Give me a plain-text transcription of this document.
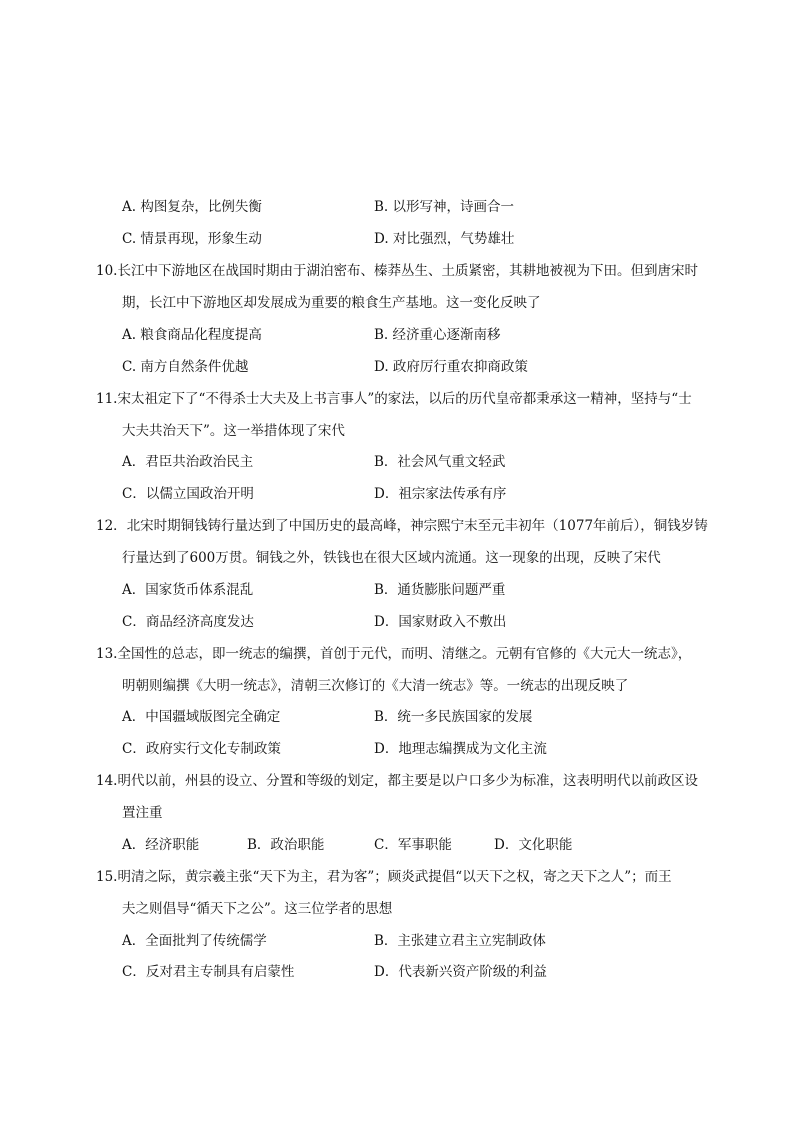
A. 构图复杂，比例失衡	B. 以形写神，诗画合一
C. 情景再现，形象生动	D. 对比强烈，气势雄壮
10.长江中下游地区在战国时期由于湖泊密布、榛莽丛生、土质紧密，其耕地被视为下田。但到唐宋时
期，长江中下游地区却发展成为重要的粮食生产基地。这一变化反映了
A. 粮食商品化程度提高	B. 经济重心逐渐南移
C. 南方自然条件优越	D. 政府厉行重农抑商政策
11.宋太祖定下了“不得杀士大夫及上书言事人”的家法，以后的历代皇帝都秉承这一精神，坚持与“士
大夫共治天下”。这一举措体现了宋代
A．君臣共治政治民主	B．社会风气重文轻武
C．以儒立国政治开明	D．祖宗家法传承有序
12．北宋时期铜钱铸行量达到了中国历史的最高峰，神宗熙宁末至元丰初年（1077年前后），铜钱岁铸
行量达到了600万贯。铜钱之外，铁钱也在很大区域内流通。这一现象的出现，反映了宋代
A．国家货币体系混乱	B．通货膨胀问题严重
C．商品经济高度发达	D．国家财政入不敷出
13.全国性的总志，即一统志的编撰，首创于元代，而明、清继之。元朝有官修的《大元大一统志》，
明朝则编撰《大明一统志》，清朝三次修订的《大清一统志》等。一统志的出现反映了
A．中国疆域版图完全确定	B．统一多民族国家的发展
C．政府实行文化专制政策	D．地理志编撰成为文化主流
14.明代以前，州县的设立、分置和等级的划定，都主要是以户口多少为标准，这表明明代以前政区设
置注重
A．经济职能	B．政治职能	C．军事职能	D．文化职能
15.明清之际，黄宗羲主张“天下为主，君为客”；顾炎武提倡“以天下之权，寄之天下之人”；而王
夫之则倡导“循天下之公”。这三位学者的思想
A．全面批判了传统儒学	B．主张建立君主立宪制政体
C．反对君主专制具有启蒙性	D．代表新兴资产阶级的利益
